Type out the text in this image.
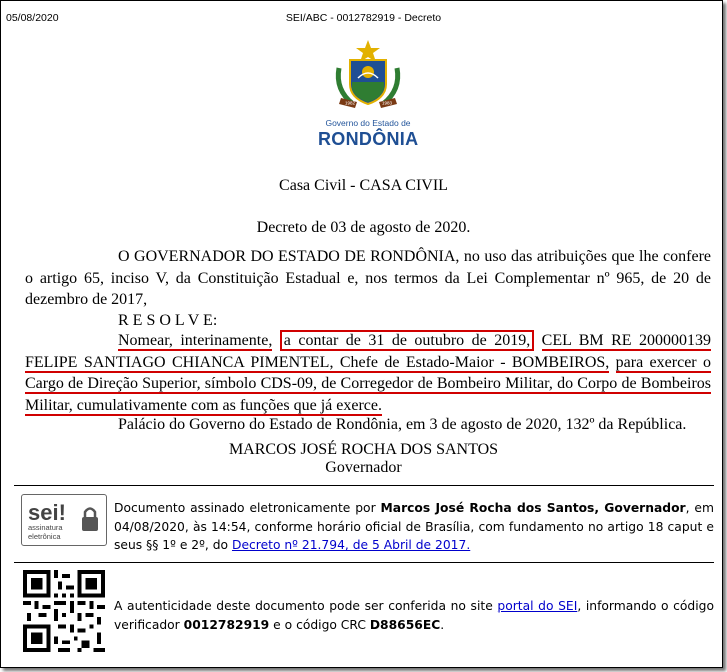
05/08/2020	SEI/ABC - 0012782919 - Decreto
1982	1983
Governo do Estado de
RONDÔNIA
Casa Civil - CASA CIVIL
Decreto de 03 de agosto de 2020.
O GOVERNADOR DO ESTADO DE RONDÔNIA, no uso das atribuições que lhe confere
o artigo 65, inciso V, da Constituição Estadual e, nos termos da Lei Complementar nº 965, de 20 de
dezembro de 2017,
R E S O L V E:
Nomear, interinamente, a contar de 31 de outubro de 2019, CEL BM RE 200000139
FELIPE SANTIAGO CHIANCA PIMENTEL, Chefe de Estado-Maior - BOMBEIROS, para exercer o
Cargo de Direção Superior, símbolo CDS-09, de Corregedor de Bombeiro Militar, do Corpo de Bombeiros
Militar, cumulativamente com as funções que já exerce.
Palácio do Governo do Estado de Rondônia, em 3 de agosto de 2020, 132º da República.
MARCOS JOSÉ ROCHA DOS SANTOS
Governador
sei!
assinatura
eletrônica
Documento assinado eletronicamente por Marcos José Rocha dos Santos, Governador, em 04/08/2020, às 14:54, conforme horário oficial de Brasília, com fundamento no artigo 18 caput e seus §§ 1º e 2º, do Decreto nº 21.794, de 5 Abril de 2017.
A autenticidade deste documento pode ser conferida no site portal do SEI, informando o código verificador 0012782919 e o código CRC D88656EC.
